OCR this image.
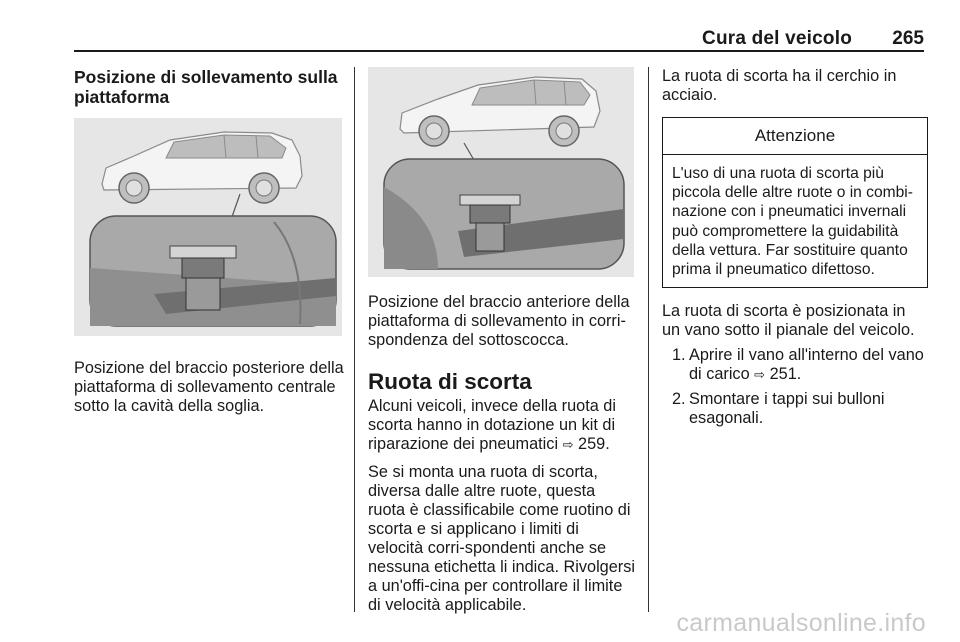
Cura del veicolo 265
Posizione di sollevamento sulla piattaforma

Posizione del braccio posteriore della piattaforma di sollevamento centrale sotto la cavità della soglia.

Posizione del braccio anteriore della piattaforma di sollevamento in corri-spondenza del sottoscocca.

Ruota di scorta

Alcuni veicoli, invece della ruota di scorta hanno in dotazione un kit di riparazione dei pneumatici ⇨ 259.

Se si monta una ruota di scorta, diversa dalle altre ruote, questa ruota è classificabile come ruotino di scorta e si applicano i limiti di velocità corri-spondenti anche se nessuna etichetta li indica. Rivolgersi a un'offi-cina per controllare il limite di velocità applicabile.

La ruota di scorta ha il cerchio in acciaio.

Attenzione
L'uso di una ruota di scorta più piccola delle altre ruote o in combi-nazione con i pneumatici invernali può compromettere la guidabilità della vettura. Far sostituire quanto prima il pneumatico difettoso.

La ruota di scorta è posizionata in un vano sotto il pianale del veicolo.

1. Aprire il vano all'interno del vano di carico ⇨ 251.
2. Smontare i tappi sui bulloni esagonali.
carmanualsonline.info
